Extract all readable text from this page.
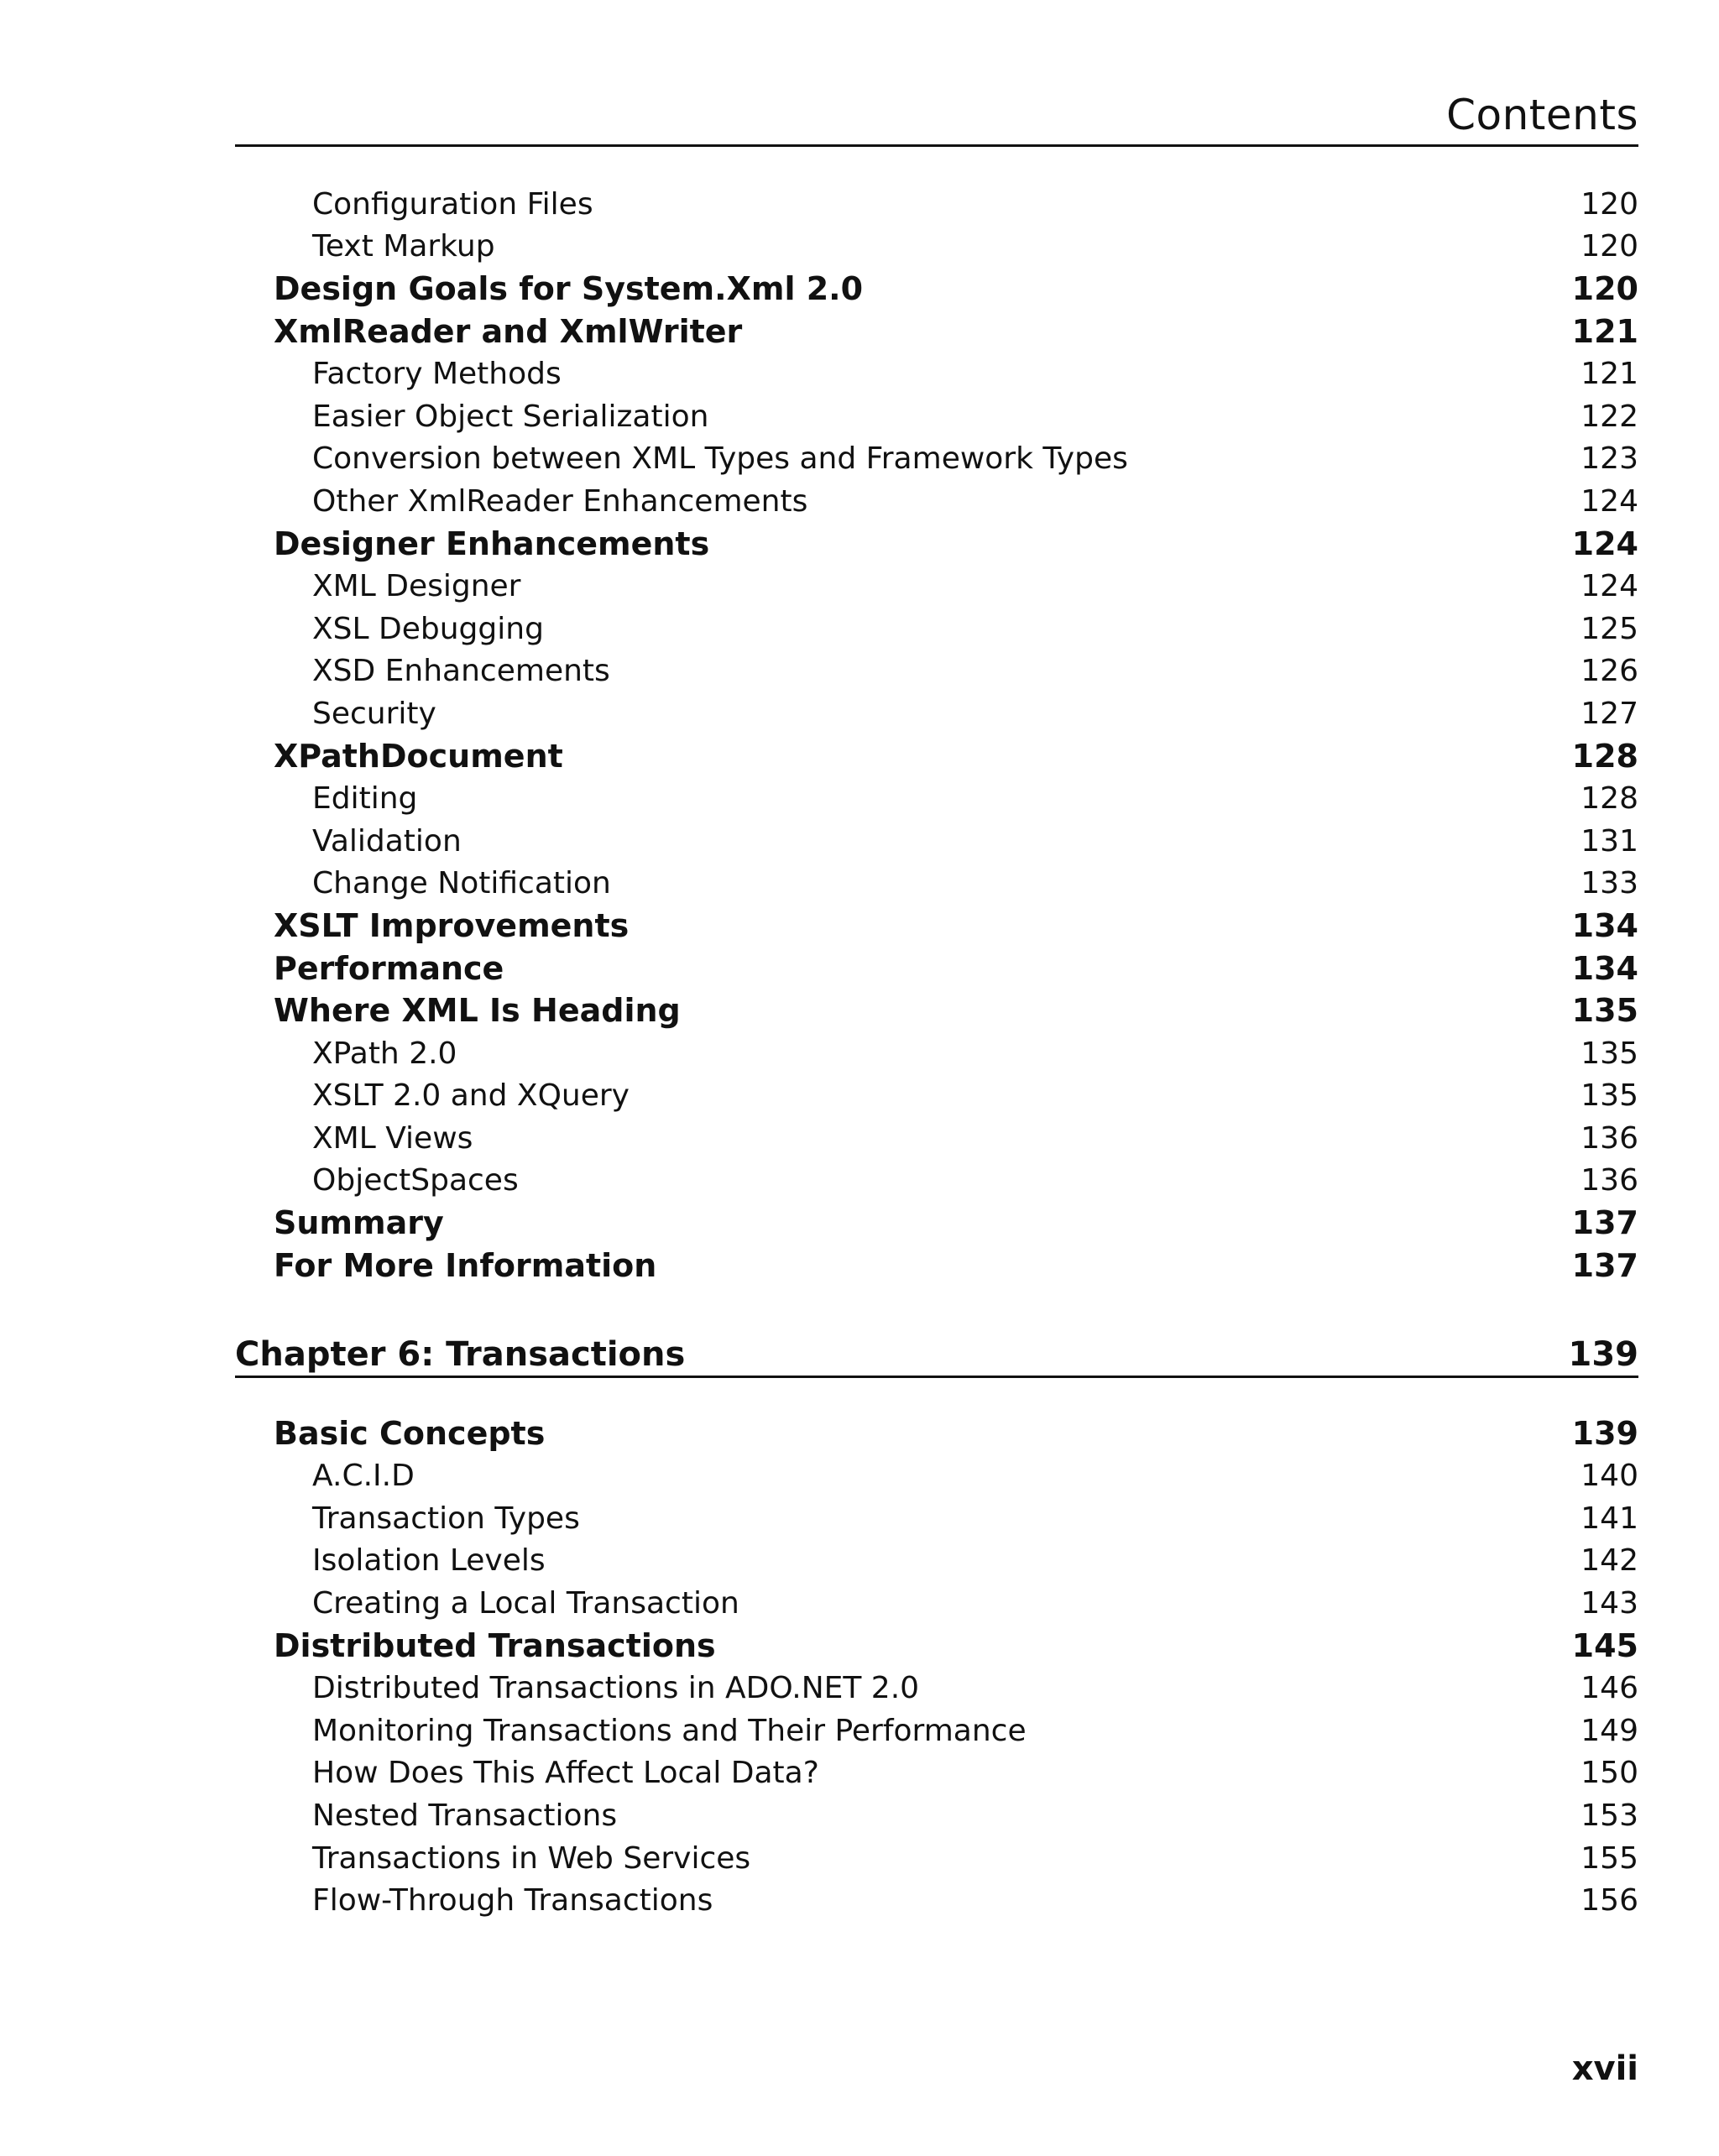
Contents
Configuration Files	120
Text Markup	120
Design Goals for System.Xml 2.0	120
XmlReader and XmlWriter	121
Factory Methods	121
Easier Object Serialization	122
Conversion between XML Types and Framework Types	123
Other XmlReader Enhancements	124
Designer Enhancements	124
XML Designer	124
XSL Debugging	125
XSD Enhancements	126
Security	127
XPathDocument	128
Editing	128
Validation	131
Change Notification	133
XSLT Improvements	134
Performance	134
Where XML Is Heading	135
XPath 2.0	135
XSLT 2.0 and XQuery	135
XML Views	136
ObjectSpaces	136
Summary	137
For More Information	137
Chapter 6: Transactions	139
Basic Concepts	139
A.C.I.D	140
Transaction Types	141
Isolation Levels	142
Creating a Local Transaction	143
Distributed Transactions	145
Distributed Transactions in ADO.NET 2.0	146
Monitoring Transactions and Their Performance	149
How Does This Affect Local Data?	150
Nested Transactions	153
Transactions in Web Services	155
Flow-Through Transactions	156
xvii
